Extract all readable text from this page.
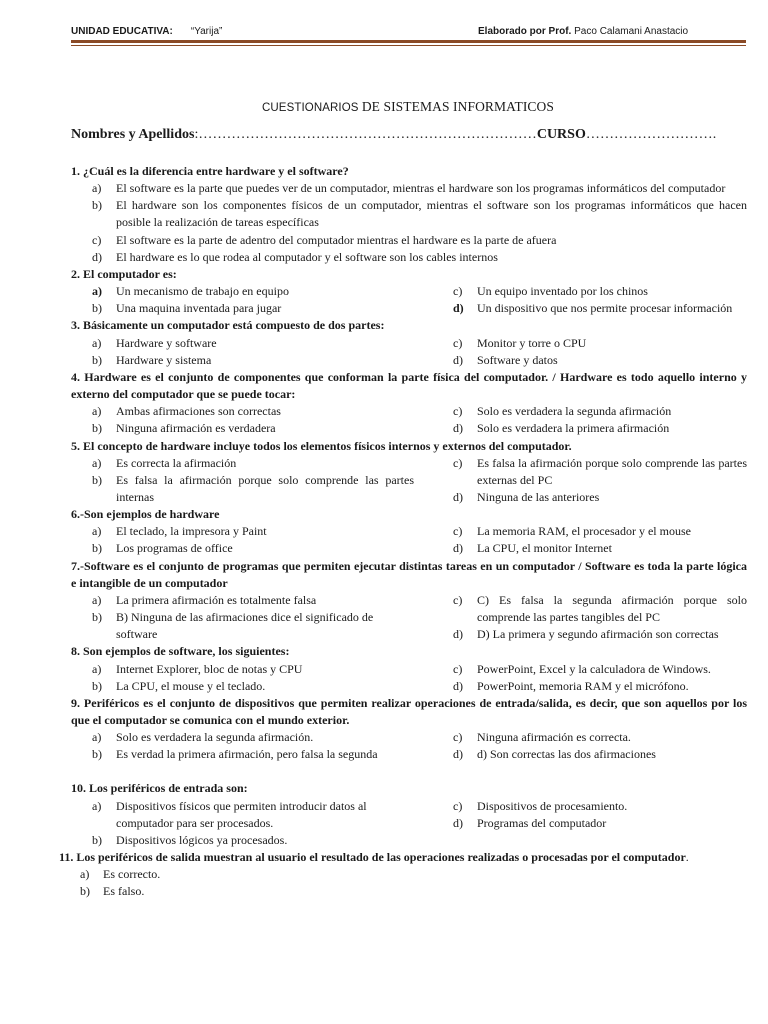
UNIDAD EDUCATIVA: “Yarija”	Elaborado por Prof. Paco Calamani Anastacio
CUESTIONARIOS DE SISTEMAS INFORMATICOS
Nombres y Apellidos:………………………………………………………………CURSO……………………….
1. ¿Cuál es la diferencia entre hardware y el software?
a)	El software es la parte que puedes ver de un computador, mientras el hardware son los programas informáticos del computador
b)	El hardware son los componentes físicos de un computador, mientras el software son los programas informáticos que hacen posible la realización de tareas específicas
c)	El software es la parte de adentro del computador mientras el hardware es la parte de afuera
d)	El hardware es lo que rodea al computador y el software son los cables internos
2. El computador es:
a)	Un mecanismo de trabajo en equipo
b)	Una maquina inventada para jugar
c)	Un equipo inventado por los chinos
d)	Un dispositivo que nos permite procesar información
3. Básicamente un computador está compuesto de dos partes:
a)	Hardware y software
b)	Hardware y sistema
c)	Monitor y torre o CPU
d)	Software y datos
4. Hardware es el conjunto de componentes que conforman la parte física del computador. / Hardware es todo aquello interno y externo del computador que se puede tocar:
a)	Ambas afirmaciones son correctas
b)	Ninguna afirmación es verdadera
c)	Solo es verdadera la segunda afirmación
d)	Solo es verdadera la primera afirmación
5. El concepto de hardware incluye todos los elementos físicos internos y externos del computador.
a)	Es correcta la afirmación
b)	Es falsa la afirmación porque solo comprende las partes internas
c)	Es falsa la afirmación porque solo comprende las partes externas del PC
d)	Ninguna de las anteriores
6.-Son ejemplos de hardware
a)	El teclado, la impresora y Paint
b)	Los programas de office
c)	La memoria RAM, el procesador y el mouse
d)	La CPU, el monitor Internet
7.-Software es el conjunto de programas que permiten ejecutar distintas tareas en un computador / Software es toda la parte lógica e intangible de un computador
a)	La primera afirmación es totalmente falsa
b)	B) Ninguna de las afirmaciones dice el significado de software
c)	C) Es falsa la segunda afirmación porque solo comprende las partes tangibles del PC
d)	D) La primera y segundo afirmación son correctas
8. Son ejemplos de software, los siguientes:
a)	Internet Explorer, bloc de notas y CPU
b)	La CPU, el mouse y el teclado.
c)	PowerPoint, Excel y la calculadora de Windows.
d)	PowerPoint, memoria RAM y el micrófono.
9. Periféricos es el conjunto de dispositivos que permiten realizar operaciones de entrada/salida, es decir, que son aquellos por los que el computador se comunica con el mundo exterior.
a)	Solo es verdadera la segunda afirmación.
b)	Es verdad la primera afirmación, pero falsa la segunda
c)	Ninguna afirmación es correcta.
d)	d) Son correctas las dos afirmaciones
10. Los periféricos de entrada son:
a)	Dispositivos físicos que permiten introducir datos al computador para ser procesados.
b)	Dispositivos lógicos ya procesados.
c)	Dispositivos de procesamiento.
d)	Programas del computador
11. Los periféricos de salida muestran al usuario el resultado de las operaciones realizadas o procesadas por el computador.
a)	Es correcto.
b)	Es falso.
